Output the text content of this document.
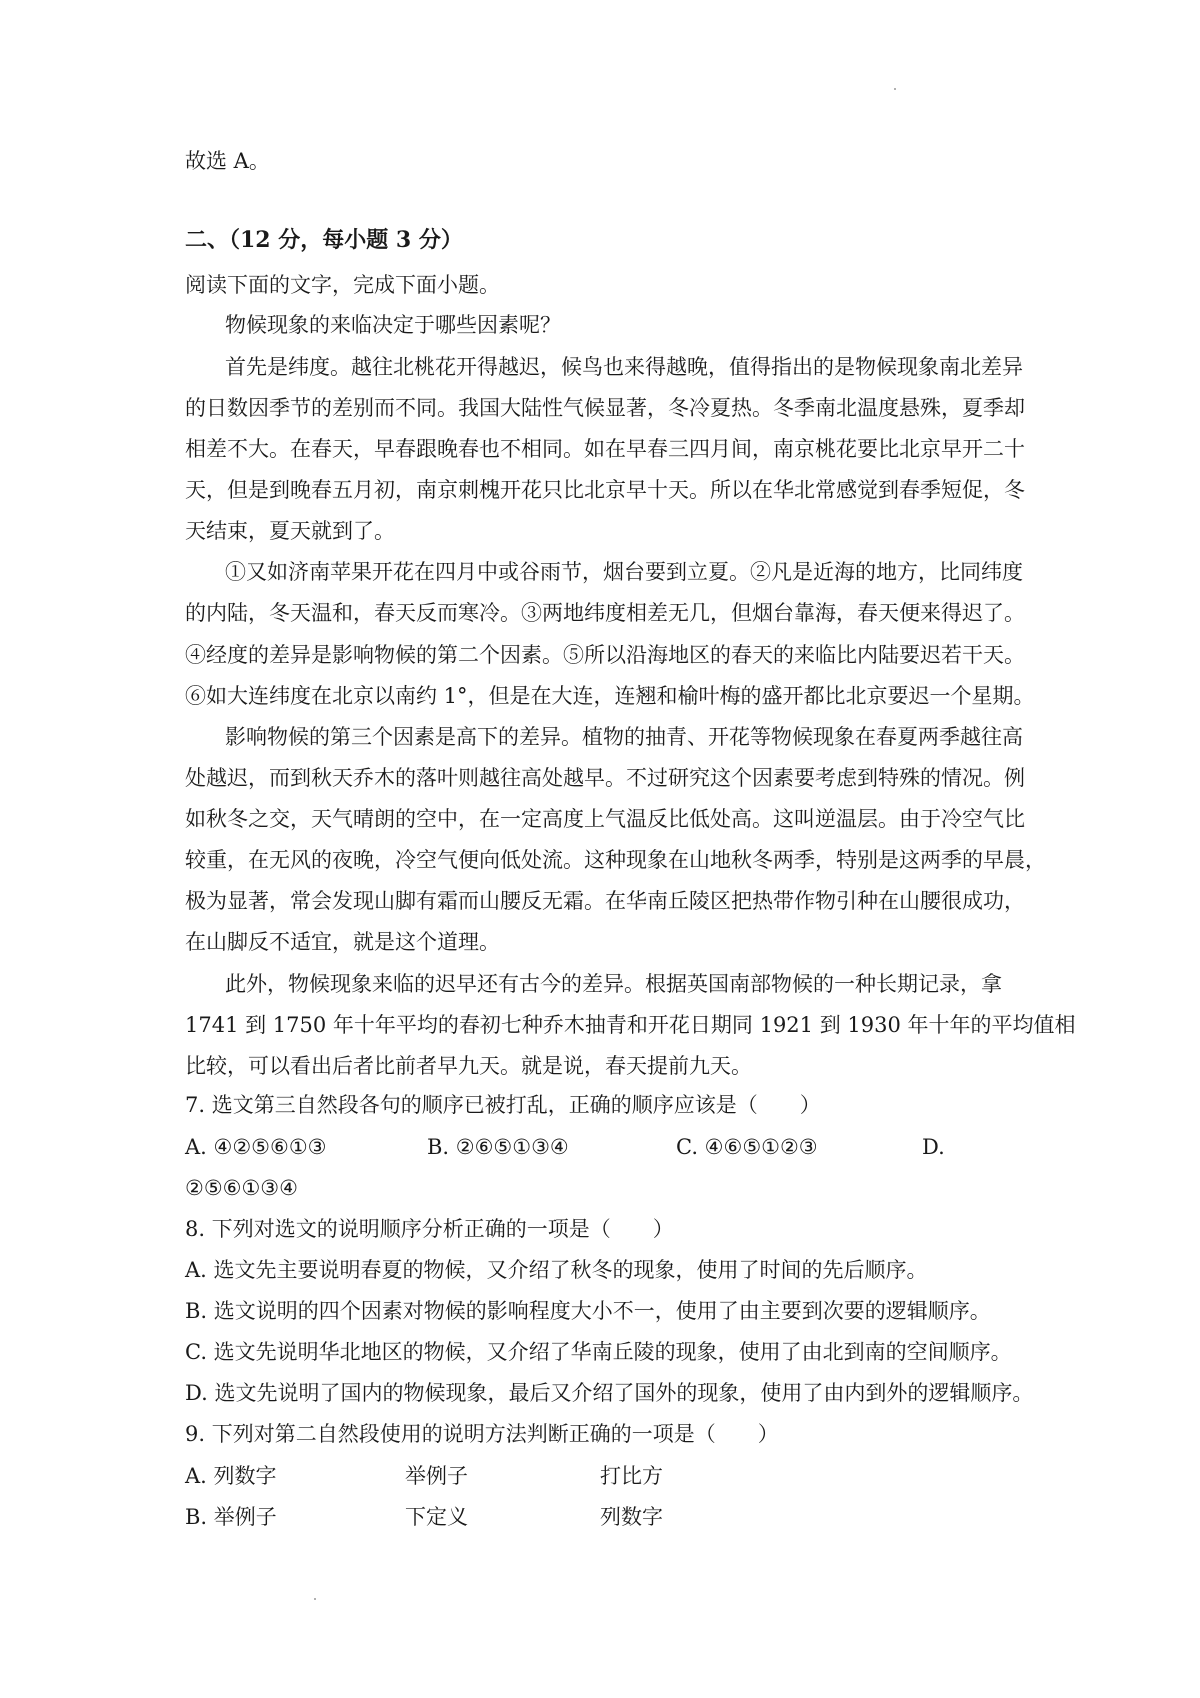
故选 A。
二、（12 分，每小题 3 分）
阅读下面的文字，完成下面小题。
物候现象的来临决定于哪些因素呢？
首先是纬度。越往北桃花开得越迟，候鸟也来得越晚，值得指出的是物候现象南北差异
的日数因季节的差别而不同。我国大陆性气候显著，冬冷夏热。冬季南北温度悬殊，夏季却
相差不大。在春天，早春跟晚春也不相同。如在早春三四月间，南京桃花要比北京早开二十
天，但是到晚春五月初，南京刺槐开花只比北京早十天。所以在华北常感觉到春季短促，冬
天结束，夏天就到了。
①又如济南苹果开花在四月中或谷雨节，烟台要到立夏。②凡是近海的地方，比同纬度
的内陆，冬天温和，春天反而寒冷。③两地纬度相差无几，但烟台靠海，春天便来得迟了。
④经度的差异是影响物候的第二个因素。⑤所以沿海地区的春天的来临比内陆要迟若干天。
⑥如大连纬度在北京以南约 1°，但是在大连，连翘和榆叶梅的盛开都比北京要迟一个星期。
影响物候的第三个因素是高下的差异。植物的抽青、开花等物候现象在春夏两季越往高
处越迟，而到秋天乔木的落叶则越往高处越早。不过研究这个因素要考虑到特殊的情况。例
如秋冬之交，天气晴朗的空中，在一定高度上气温反比低处高。这叫逆温层。由于冷空气比
较重，在无风的夜晚，冷空气便向低处流。这种现象在山地秋冬两季，特别是这两季的早晨，
极为显著，常会发现山脚有霜而山腰反无霜。在华南丘陵区把热带作物引种在山腰很成功，
在山脚反不适宜，就是这个道理。
此外，物候现象来临的迟早还有古今的差异。根据英国南部物候的一种长期记录，拿
1741 到 1750 年十年平均的春初七种乔木抽青和开花日期同 1921 到 1930 年十年的平均值相
比较，可以看出后者比前者早九天。就是说，春天提前九天。
7. 选文第三自然段各句的顺序已被打乱，正确的顺序应该是（　　）
A. ④②⑤⑥①③	B. ②⑥⑤①③④	C. ④⑥⑤①②③	D.
②⑤⑥①③④
8. 下列对选文的说明顺序分析正确的一项是（　　）
A. 选文先主要说明春夏的物候，又介绍了秋冬的现象，使用了时间的先后顺序。
B. 选文说明的四个因素对物候的影响程度大小不一，使用了由主要到次要的逻辑顺序。
C. 选文先说明华北地区的物候，又介绍了华南丘陵的现象，使用了由北到南的空间顺序。
D. 选文先说明了国内的物候现象，最后又介绍了国外的现象，使用了由内到外的逻辑顺序。
9. 下列对第二自然段使用的说明方法判断正确的一项是（　　）
A. 列数字	举例子	打比方
B. 举例子	下定义	列数字
